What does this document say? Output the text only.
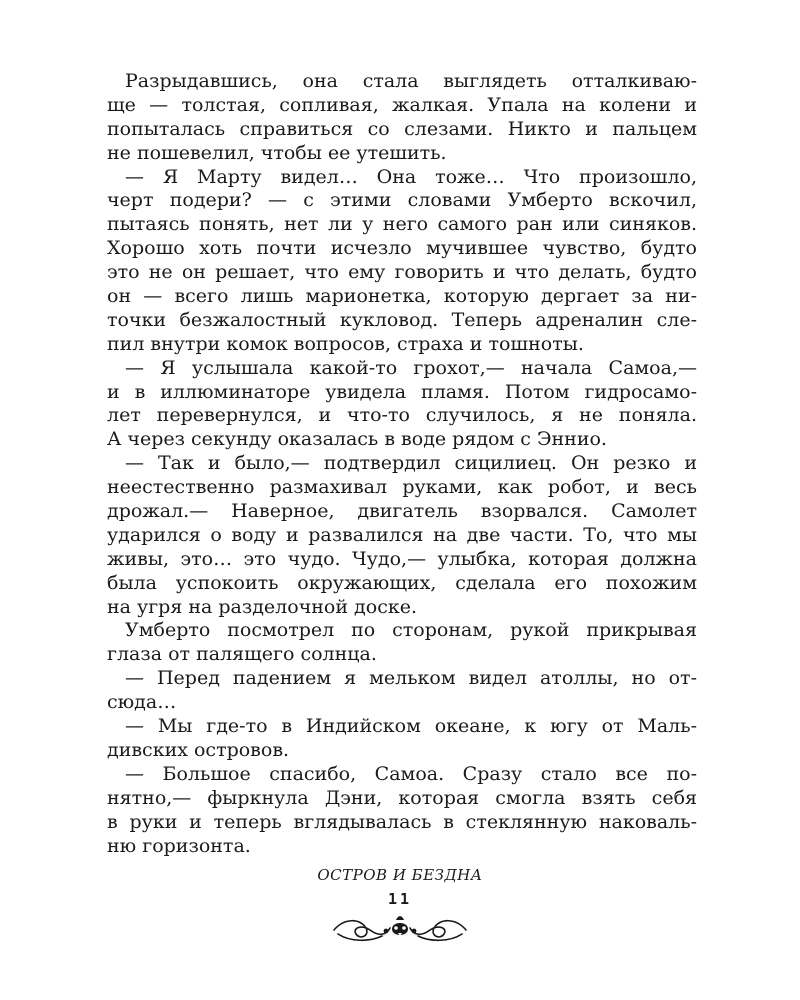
Разрыдавшись, она стала выглядеть отталкиваю-
ще — толстая, сопливая, жалкая. Упала на колени и
попыталась справиться со слезами. Никто и пальцем
не пошевелил, чтобы ее утешить.
— Я Марту видел… Она тоже… Что произошло,
черт подери? — с этими словами Умберто вскочил,
пытаясь понять, нет ли у него самого ран или синяков.
Хорошо хоть почти исчезло мучившее чувство, будто
это не он решает, что ему говорить и что делать, будто
он — всего лишь марионетка, которую дергает за ни-
точки безжалостный кукловод. Теперь адреналин сле-
пил внутри комок вопросов, страха и тошноты.
— Я услышала какой-то грохот,— начала Самоа,—
и в иллюминаторе увидела пламя. Потом гидросамо-
лет перевернулся, и что-то случилось, я не поняла.
А через секунду оказалась в воде рядом с Эннио.
— Так и было,— подтвердил сицилиец. Он резко и
неестественно размахивал руками, как робот, и весь
дрожал.— Наверное, двигатель взорвался. Самолет
ударился о воду и развалился на две части. То, что мы
живы, это… это чудо. Чудо,— улыбка, которая должна
была успокоить окружающих, сделала его похожим
на угря на разделочной доске.
Умберто посмотрел по сторонам, рукой прикрывая
глаза от палящего солнца.
— Перед падением я мельком видел атоллы, но от-
сюда…
— Мы где-то в Индийском океане, к югу от Маль-
дивских островов.
— Большое спасибо, Самоа. Сразу стало все по-
нятно,— фыркнула Дэни, которая смогла взять себя
в руки и теперь вглядывалась в стеклянную наковаль-
ню горизонта.
ОСТРОВ И БЕЗДНА
11
